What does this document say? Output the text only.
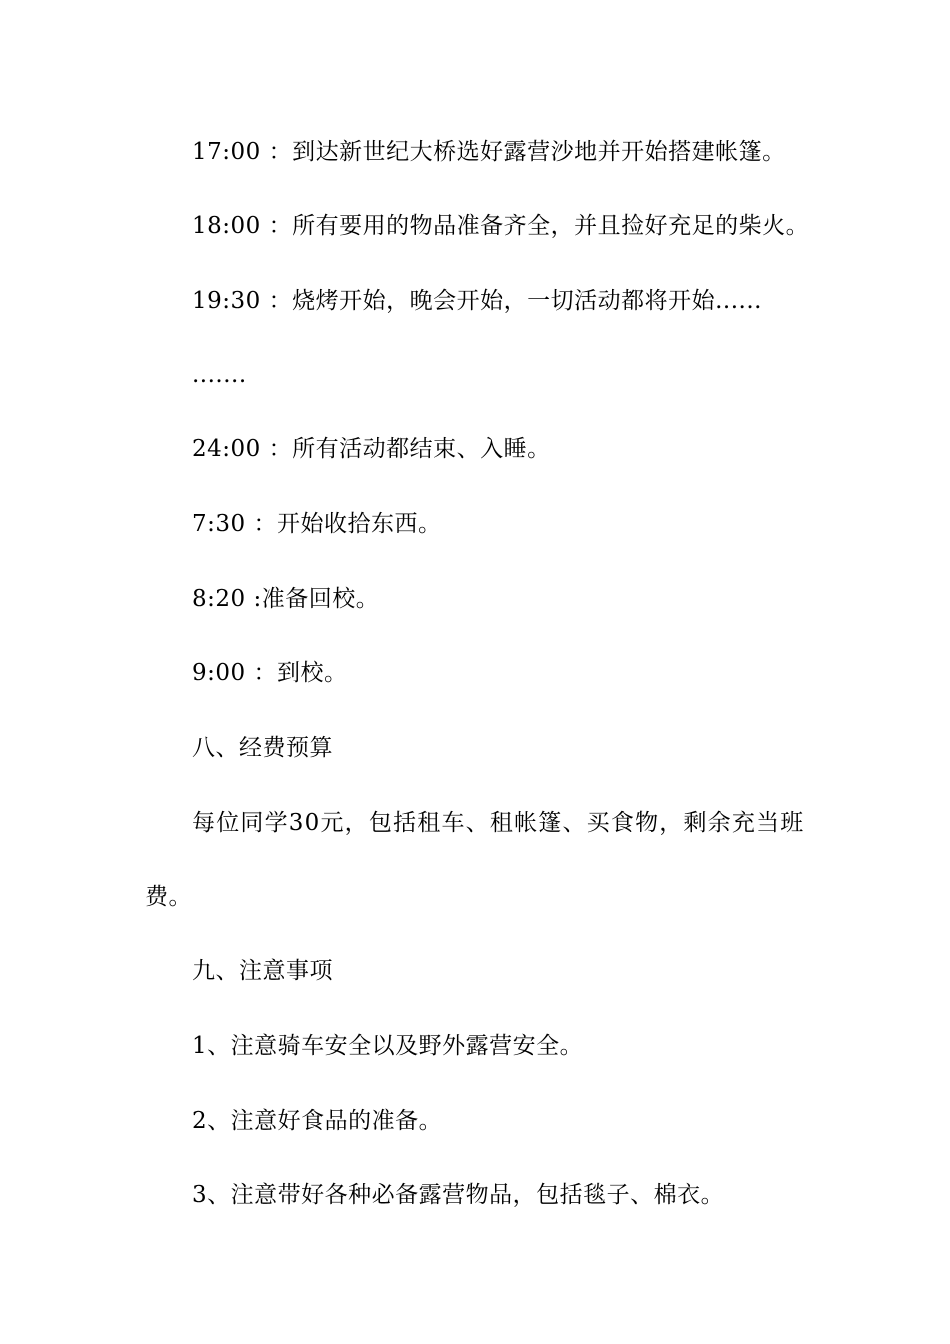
17:00 ：到达新世纪大桥选好露营沙地并开始搭建帐篷。
18:00 ：所有要用的物品准备齐全，并且捡好充足的柴火。
19:30 ：烧烤开始，晚会开始，一切活动都将开始......
.......
24:00 ：所有活动都结束、入睡。
7:30 ：开始收拾东西。
8:20 :准备回校。
9:00 ：到校。
八、经费预算
每位同学30元，包括租车、租帐篷、买食物，剩余充当班
费。
九、注意事项
1、注意骑车安全以及野外露营安全。
2、注意好食品的准备。
3、注意带好各种必备露营物品，包括毯子、棉衣。
